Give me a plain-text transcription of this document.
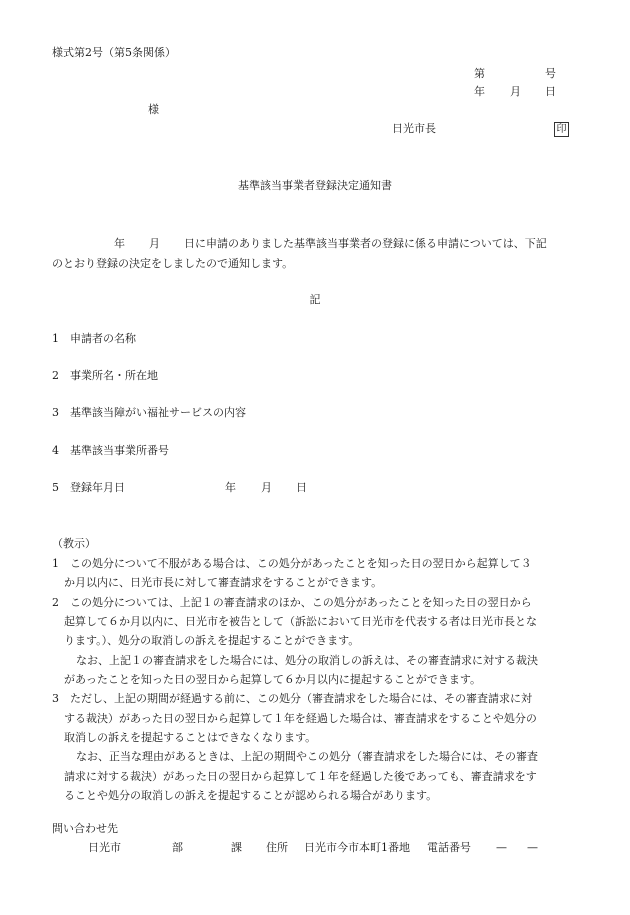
様式第2号（第5条関係）
第	号
年 月 日
様
日光市長	印
基準該当事業者登録決定通知書
年 月 日に申請のありました基準該当事業者の登録に係る申請については、下記
のとおり登録の決定をしましたので通知します。
記
1 申請者の名称
2 事業所名・所在地
3 基準該当障がい福祉サービスの内容
4 基準該当事業所番号
5 登録年月日	年 月 日
（教示）
1　この処分について不服がある場合は、この処分があったことを知った日の翌日から起算して３
か月以内に、日光市長に対して審査請求をすることができます。
2　この処分については、上記１の審査請求のほか、この処分があったことを知った日の翌日から
起算して６か月以内に、日光市を被告として（訴訟において日光市を代表する者は日光市長とな
ります。）、処分の取消しの訴えを提起することができます。
なお、上記１の審査請求をした場合には、処分の取消しの訴えは、その審査請求に対する裁決
があったことを知った日の翌日から起算して６か月以内に提起することができます。
3　ただし、上記の期間が経過する前に、この処分（審査請求をした場合には、その審査請求に対
する裁決）があった日の翌日から起算して１年を経過した場合は、審査請求をすることや処分の
取消しの訴えを提起することはできなくなります。
なお、正当な理由があるときは、上記の期間やこの処分（審査請求をした場合には、その審査
請求に対する裁決）があった日の翌日から起算して１年を経過した後であっても、審査請求をす
ることや処分の取消しの訴えを提起することが認められる場合があります。
問い合わせ先
日光市	部	課 住所 日光市今市本町1番地 電話番号 — —
